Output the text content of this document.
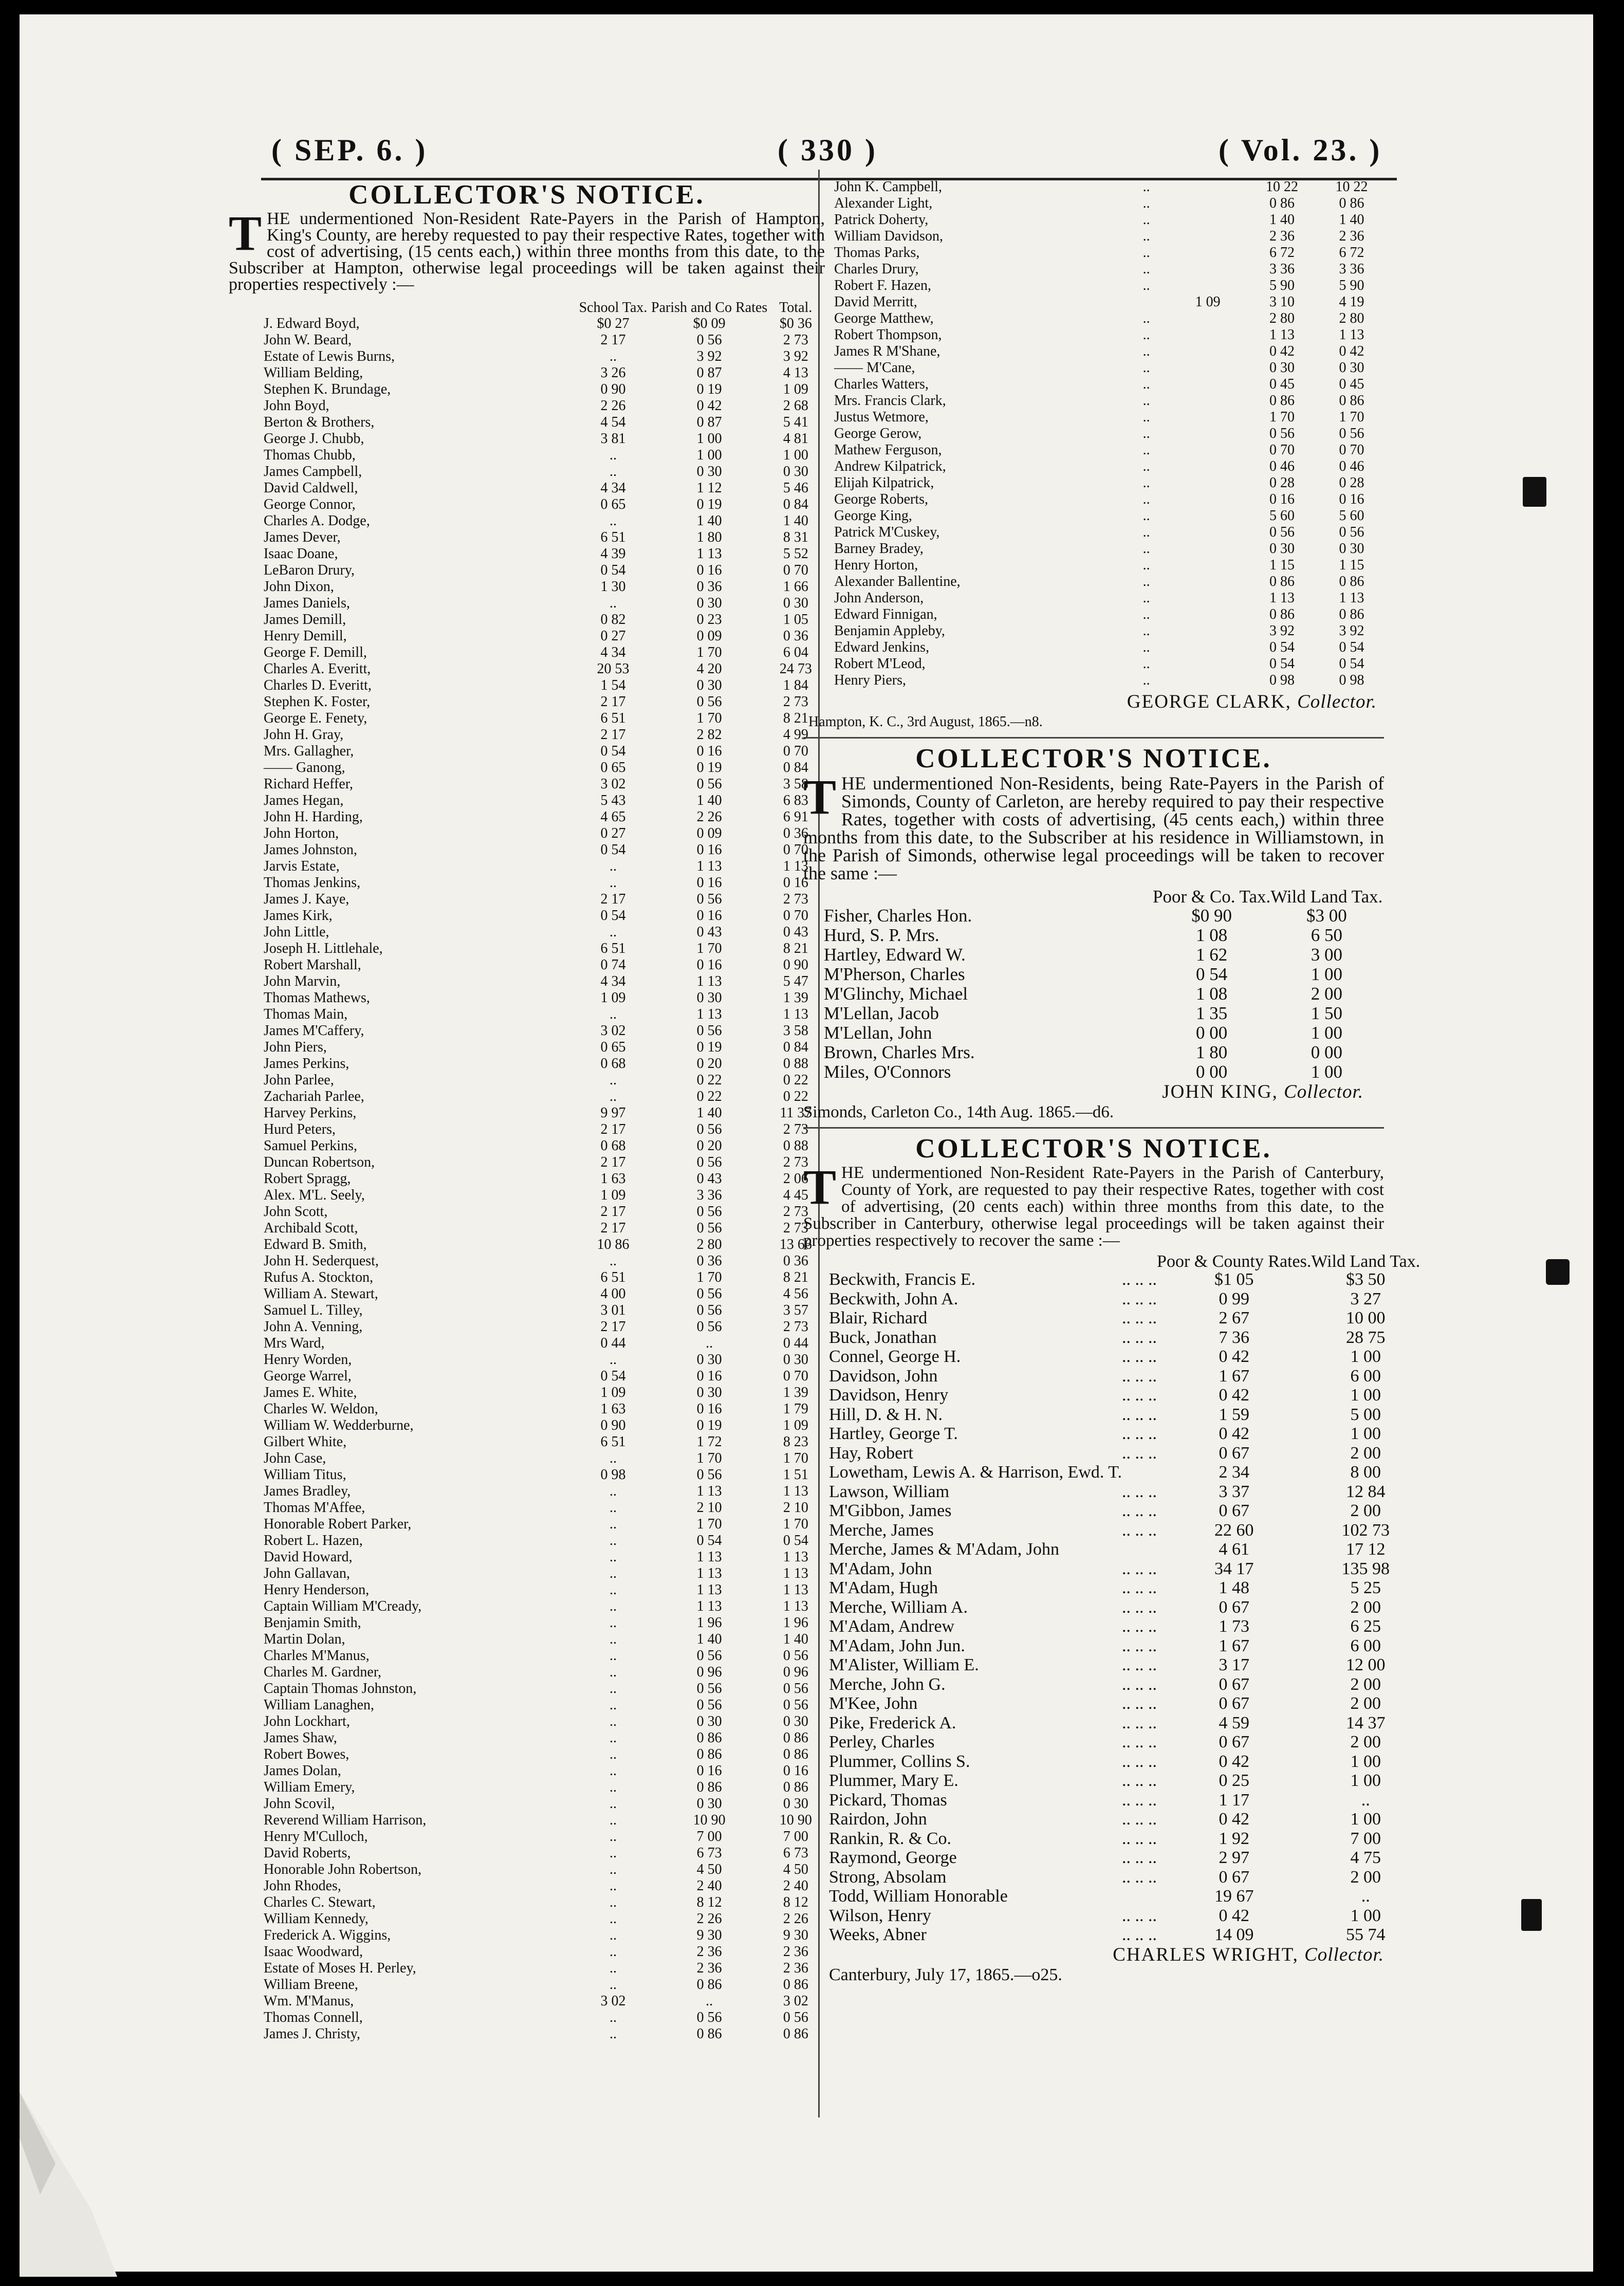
( SEP. 6. )	( 330 )	( Vol. 23. )
COLLECTOR'S NOTICE.

THE undermentioned Non-Resident Rate-Payers in the Parish of Hampton, King's County, are hereby requested to pay their respective Rates, together with cost of advertising, (15 cents each,) within three months from this date, to the Subscriber at Hampton, otherwise legal proceedings will be taken against their properties respectively :—

	School Tax.	Parish and Co Rates	Total.
J. Edward Boyd,	$0 27	$0 09	$0 36
John W. Beard,	2 17	0 56	2 73
Estate of Lewis Burns,	..	3 92	3 92
William Belding,	3 26	0 87	4 13
Stephen K. Brundage,	0 90	0 19	1 09
John Boyd,	2 26	0 42	2 68
Berton & Brothers,	4 54	0 87	5 41
George J. Chubb,	3 81	1 00	4 81
Thomas Chubb,	..	1 00	1 00
James Campbell,	..	0 30	0 30
David Caldwell,	4 34	1 12	5 46
George Connor,	0 65	0 19	0 84
Charles A. Dodge,	..	1 40	1 40
James Dever,	6 51	1 80	8 31
Isaac Doane,	4 39	1 13	5 52
LeBaron Drury,	0 54	0 16	0 70
John Dixon,	1 30	0 36	1 66
James Daniels,	..	0 30	0 30
James Demill,	0 82	0 23	1 05
Henry Demill,	0 27	0 09	0 36
George F. Demill,	4 34	1 70	6 04
Charles A. Everitt,	20 53	4 20	24 73
Charles D. Everitt,	1 54	0 30	1 84
Stephen K. Foster,	2 17	0 56	2 73
George E. Fenety,	6 51	1 70	8 21
John H. Gray,	2 17	2 82	4 99
Mrs. Gallagher,	0 54	0 16	0 70
—— Ganong,	0 65	0 19	0 84
Richard Heffer,	3 02	0 56	3 58
James Hegan,	5 43	1 40	6 83
John H. Harding,	4 65	2 26	6 91
John Horton,	0 27	0 09	0 36
James Johnston,	0 54	0 16	0 70
Jarvis Estate,	..	1 13	1 13
Thomas Jenkins,	..	0 16	0 16
James J. Kaye,	2 17	0 56	2 73
James Kirk,	0 54	0 16	0 70
John Little,	..	0 43	0 43
Joseph H. Littlehale,	6 51	1 70	8 21
Robert Marshall,	0 74	0 16	0 90
John Marvin,	4 34	1 13	5 47
Thomas Mathews,	1 09	0 30	1 39
Thomas Main,	..	1 13	1 13
James M'Caffery,	3 02	0 56	3 58
John Piers,	0 65	0 19	0 84
James Perkins,	0 68	0 20	0 88
John Parlee,	..	0 22	0 22
Zachariah Parlee,	..	0 22	0 22
Harvey Perkins,	9 97	1 40	11 37
Hurd Peters,	2 17	0 56	2 73
Samuel Perkins,	0 68	0 20	0 88
Duncan Robertson,	2 17	0 56	2 73
Robert Spragg,	1 63	0 43	2 06
Alex. M'L. Seely,	1 09	3 36	4 45
John Scott,	2 17	0 56	2 73
Archibald Scott,	2 17	0 56	2 73
Edward B. Smith,	10 86	2 80	13 66
John H. Sederquest,	..	0 36	0 36
Rufus A. Stockton,	6 51	1 70	8 21
William A. Stewart,	4 00	0 56	4 56
Samuel L. Tilley,	3 01	0 56	3 57
John A. Venning,	2 17	0 56	2 73
Mrs Ward,	0 44	..	0 44
Henry Worden,	..	0 30	0 30
George Warrel,	0 54	0 16	0 70
James E. White,	1 09	0 30	1 39
Charles W. Weldon,	1 63	0 16	1 79
William W. Wedderburne,	0 90	0 19	1 09
Gilbert White,	6 51	1 72	8 23
John Case,	..	1 70	1 70
William Titus,	0 98	0 56	1 51
James Bradley,	..	1 13	1 13
Thomas M'Affee,	..	2 10	2 10
Honorable Robert Parker,	..	1 70	1 70
Robert L. Hazen,	..	0 54	0 54
David Howard,	..	1 13	1 13
John Gallavan,	..	1 13	1 13
Henry Henderson,	..	1 13	1 13
Captain William M'Cready,	..	1 13	1 13
Benjamin Smith,	..	1 96	1 96
Martin Dolan,	..	1 40	1 40
Charles M'Manus,	..	0 56	0 56
Charles M. Gardner,	..	0 96	0 96
Captain Thomas Johnston,	..	0 56	0 56
William Lanaghen,	..	0 56	0 56
John Lockhart,	..	0 30	0 30
James Shaw,	..	0 86	0 86
Robert Bowes,	..	0 86	0 86
James Dolan,	..	0 16	0 16
William Emery,	..	0 86	0 86
John Scovil,	..	0 30	0 30
Reverend William Harrison,	..	10 90	10 90
Henry M'Culloch,	..	7 00	7 00
David Roberts,	..	6 73	6 73
Honorable John Robertson,	..	4 50	4 50
John Rhodes,	..	2 40	2 40
Charles C. Stewart,	..	8 12	8 12
William Kennedy,	..	2 26	2 26
Frederick A. Wiggins,	..	9 30	9 30
Isaac Woodward,	..	2 36	2 36
Estate of Moses H. Perley,	..	2 36	2 36
William Breene,	..	0 86	0 86
Wm. M'Manus,	3 02	..	3 02
Thomas Connell,	..	0 56	0 56
James J. Christy,	..	0 86	0 86
John K. Campbell,	..		10 22	10 22
Alexander Light,	..		0 86	0 86
Patrick Doherty,	..		1 40	1 40
William Davidson,	..		2 36	2 36
Thomas Parks,	..		6 72	6 72
Charles Drury,	..		3 36	3 36
Robert F. Hazen,	..		5 90	5 90
David Merritt,		1 09	3 10	4 19
George Matthew,	..		2 80	2 80
Robert Thompson,	..		1 13	1 13
James R M'Shane,	..		0 42	0 42
—— M'Cane,	..		0 30	0 30
Charles Watters,	..		0 45	0 45
Mrs. Francis Clark,	..		0 86	0 86
Justus Wetmore,	..		1 70	1 70
George Gerow,	..		0 56	0 56
Mathew Ferguson,	..		0 70	0 70
Andrew Kilpatrick,	..		0 46	0 46
Elijah Kilpatrick,	..		0 28	0 28
George Roberts,	..		0 16	0 16
George King,	..		5 60	5 60
Patrick M'Cuskey,	..		0 56	0 56
Barney Bradey,	..		0 30	0 30
Henry Horton,	..		1 15	1 15
Alexander Ballentine,	..		0 86	0 86
John Anderson,	..		1 13	1 13
Edward Finnigan,	..		0 86	0 86
Benjamin Appleby,	..		3 92	3 92
Edward Jenkins,	..		0 54	0 54
Robert M'Leod,	..		0 54	0 54
Henry Piers,	..		0 98	0 98
GEORGE CLARK, Collector.
Hampton, K. C., 3rd August, 1865.—n8.
COLLECTOR'S NOTICE.

THE undermentioned Non-Residents, being Rate-Payers in the Parish of Simonds, County of Carleton, are hereby required to pay their respective Rates, together with costs of advertising, (45 cents each,) within three months from this date, to the Subscriber at his residence in Williamstown, in the Parish of Simonds, otherwise legal proceedings will be taken to recover the same :—

	Poor & Co. Tax.	Wild Land Tax.
Fisher, Charles Hon.	$0 90	$3 00
Hurd, S. P. Mrs.	1 08	6 50
Hartley, Edward W.	1 62	3 00
M'Pherson, Charles	0 54	1 00
M'Glinchy, Michael	1 08	2 00
M'Lellan, Jacob	1 35	1 50
M'Lellan, John	0 00	1 00
Brown, Charles Mrs.	1 80	0 00
Miles, O'Connors	0 00	1 00
JOHN KING, Collector.
Simonds, Carleton Co., 14th Aug. 1865.—d6.
COLLECTOR'S NOTICE.

THE undermentioned Non-Resident Rate-Payers in the Parish of Canterbury, County of York, are requested to pay their respective Rates, together with cost of advertising, (20 cents each) within three months from this date, to the Subscriber in Canterbury, otherwise legal proceedings will be taken against their properties respectively to recover the same :—

		Poor & County Rates.	Wild Land Tax.
Beckwith, Francis E.	.. .. ..	$1 05	$3 50
Beckwith, John A.	.. .. ..	0 99	3 27
Blair, Richard	.. .. ..	2 67	10 00
Buck, Jonathan	.. .. ..	7 36	28 75
Connel, George H.	.. .. ..	0 42	1 00
Davidson, John	.. .. ..	1 67	6 00
Davidson, Henry	.. .. ..	0 42	1 00
Hill, D. & H. N.	.. .. ..	1 59	5 00
Hartley, George T.	.. .. ..	0 42	1 00
Hay, Robert	.. .. ..	0 67	2 00
Lowetham, Lewis A. & Harrison, Ewd. T.		2 34	8 00
Lawson, William	.. .. ..	3 37	12 84
M'Gibbon, James	.. .. ..	0 67	2 00
Merche, James	.. .. ..	22 60	102 73
Merche, James & M'Adam, John		4 61	17 12
M'Adam, John	.. .. ..	34 17	135 98
M'Adam, Hugh	.. .. ..	1 48	5 25
Merche, William A.	.. .. ..	0 67	2 00
M'Adam, Andrew	.. .. ..	1 73	6 25
M'Adam, John Jun.	.. .. ..	1 67	6 00
M'Alister, William E.	.. .. ..	3 17	12 00
Merche, John G.	.. .. ..	0 67	2 00
M'Kee, John	.. .. ..	0 67	2 00
Pike, Frederick A.	.. .. ..	4 59	14 37
Perley, Charles	.. .. ..	0 67	2 00
Plummer, Collins S.	.. .. ..	0 42	1 00
Plummer, Mary E.	.. .. ..	0 25	1 00
Pickard, Thomas	.. .. ..	1 17	..
Rairdon, John	.. .. ..	0 42	1 00
Rankin, R. & Co.	.. .. ..	1 92	7 00
Raymond, George	.. .. ..	2 97	4 75
Strong, Absolam	.. .. ..	0 67	2 00
Todd, William Honorable		19 67	..
Wilson, Henry	.. .. ..	0 42	1 00
Weeks, Abner	.. .. ..	14 09	55 74
CHARLES WRIGHT, Collector.
Canterbury, July 17, 1865.—o25.
